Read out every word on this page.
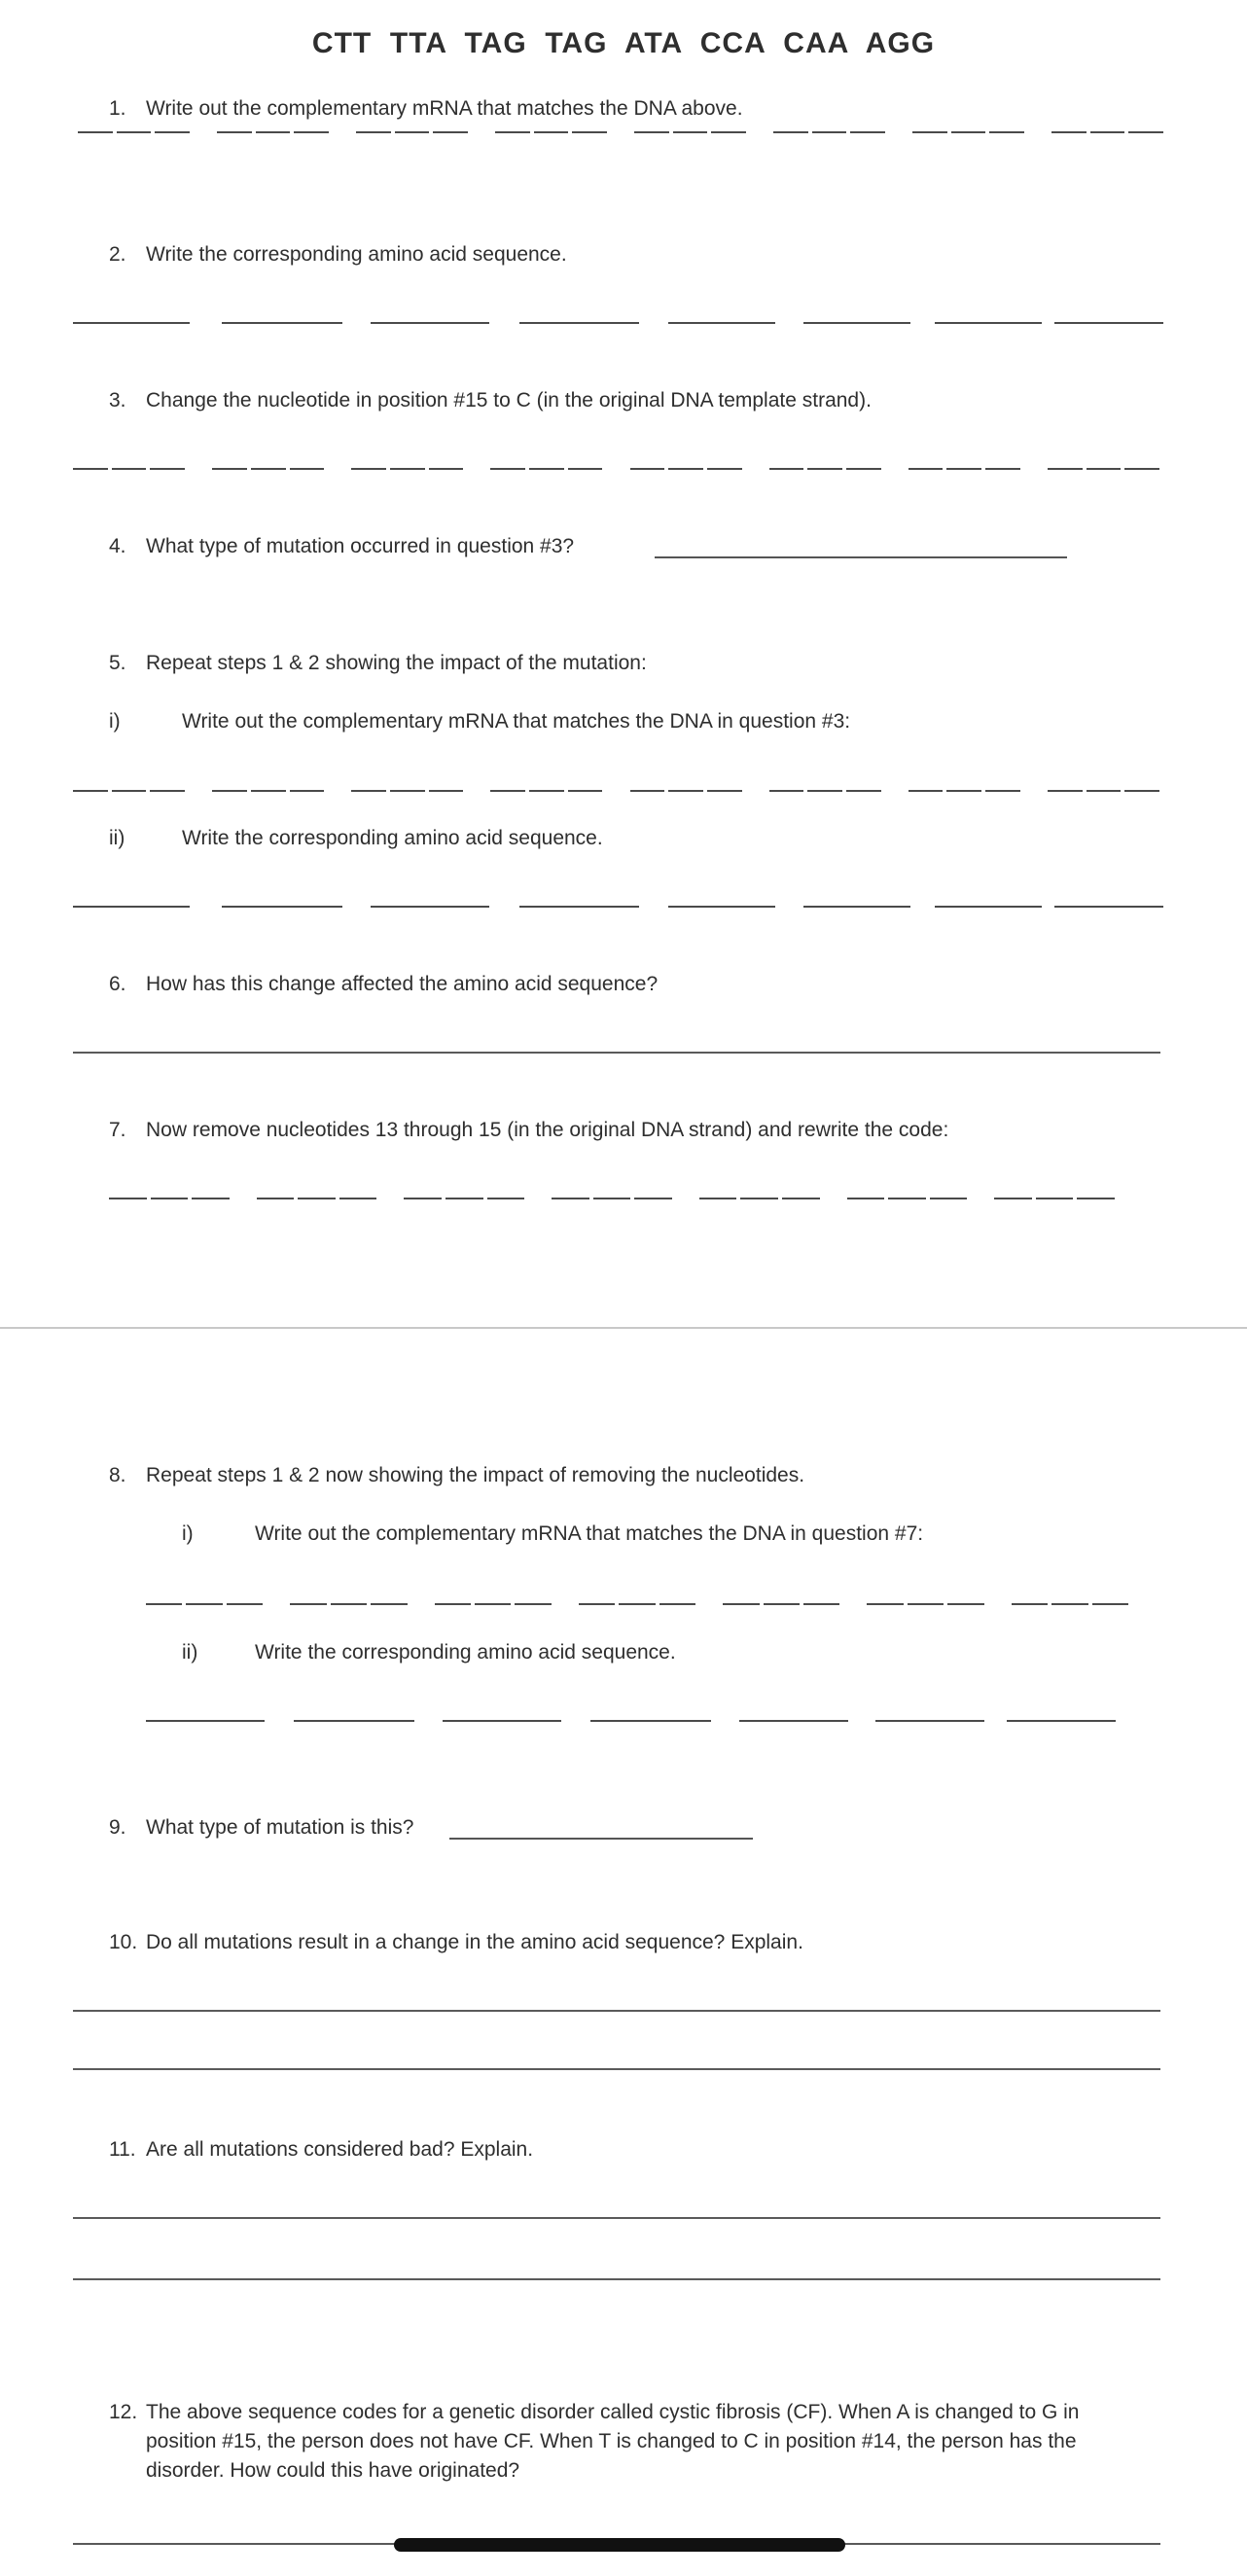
CTT  TTA  TAG  TAG  ATA  CCA  CAA  AGG
1. Write out the complementary mRNA that matches the DNA above.
2. Write the corresponding amino acid sequence.
3. Change the nucleotide in position #15 to C (in the original DNA template strand).
4. What type of mutation occurred in question #3?
5. Repeat steps 1 & 2 showing the impact of the mutation:
i)	Write out the complementary mRNA that matches the DNA in question #3:
ii)	Write the corresponding amino acid sequence.
6. How has this change affected the amino acid sequence?
7. Now remove nucleotides 13 through 15 (in the original DNA strand) and rewrite the code:
8. Repeat steps 1 & 2 now showing the impact of removing the nucleotides.
i)	Write out the complementary mRNA that matches the DNA in question #7:
ii)	Write the corresponding amino acid sequence.
9. What type of mutation is this?
10. Do all mutations result in a change in the amino acid sequence? Explain.
11. Are all mutations considered bad? Explain.
12. The above sequence codes for a genetic disorder called cystic fibrosis (CF). When A is changed to G in
position #15, the person does not have CF. When T is changed to C in position #14, the person has the
disorder. How could this have originated?
